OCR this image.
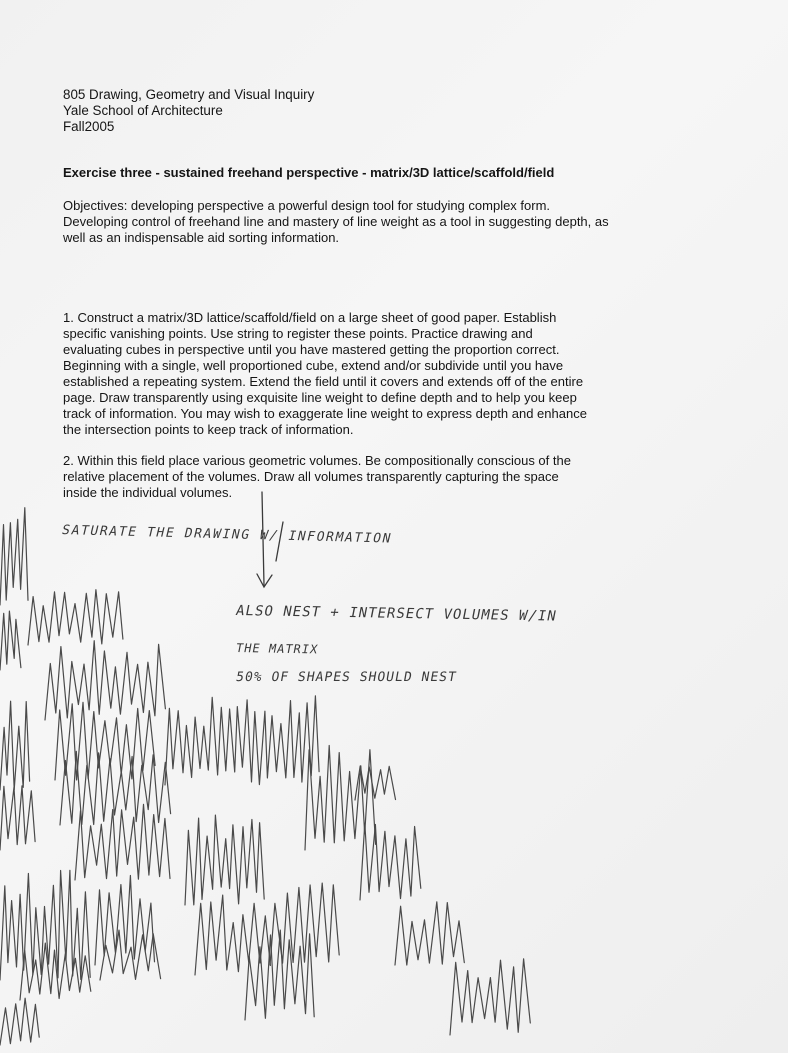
805 Drawing, Geometry and Visual Inquiry
Yale School of Architecture
Fall2005
Exercise three - sustained freehand perspective - matrix/3D lattice/scaffold/field

Objectives: developing perspective a powerful design tool for studying complex form.
Developing control of freehand line and mastery of line weight as a tool in suggesting depth, as
well as an indispensable aid sorting information.

1. Construct a matrix/3D lattice/scaffold/field on a large sheet of good paper. Establish
specific vanishing points. Use string to register these points. Practice drawing and
evaluating cubes in perspective until you have mastered getting the proportion correct.
Beginning with a single, well proportioned cube, extend and/or subdivide until you have
established a repeating system. Extend the field until it covers and extends off of the entire
page. Draw transparently using exquisite line weight to define depth and to help you keep
track of information. You may wish to exaggerate line weight to express depth and enhance
the intersection points to keep track of information.

2. Within this field place various geometric volumes. Be compositionally conscious of the
relative placement of the volumes. Draw all volumes transparently capturing the space
inside the individual volumes.

SATURATE THE DRAWING W/ INFORMATION
ALSO NEST + INTERSECT VOLUMES W/IN
THE MATRIX
50% OF SHAPES SHOULD NEST
